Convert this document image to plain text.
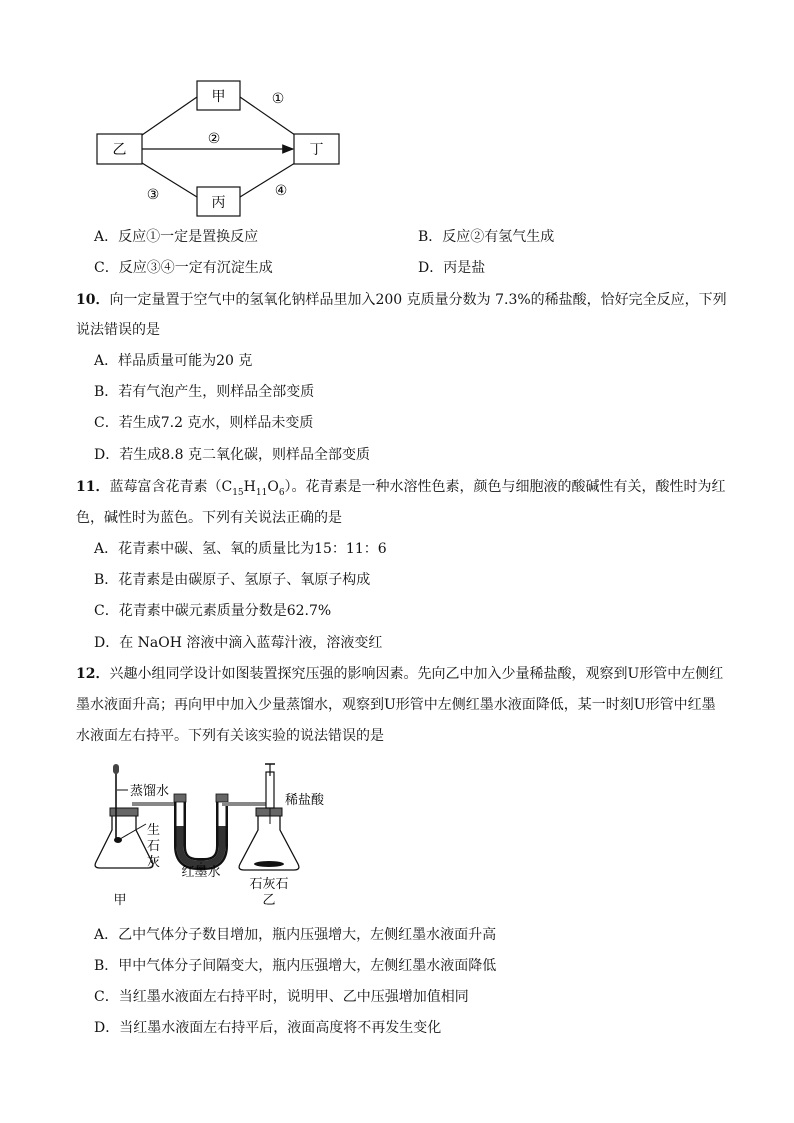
甲
乙	丁
丙
①
②
③	④
A．反应①一定是置换反应	B．反应②有氢气生成
C．反应③④一定有沉淀生成	D．丙是盐
10．向一定量置于空气中的氢氧化钠样品里加入200 克质量分数为 7.3%的稀盐酸，恰好完全反应，下列
说法错误的是
A．样品质量可能为20 克
B．若有气泡产生，则样品全部变质
C．若生成7.2 克水，则样品未变质
D．若生成8.8 克二氧化碳，则样品全部变质
11．蓝莓富含花青素$(C_{15}H_{11}O_6)$。花青素是一种水溶性色素，颜色与细胞液的酸碱性有关，酸性时为红
色，碱性时为蓝色。下列有关说法正确的是
A．花青素中碳、氢、氧的质量比为15：11：6
B．花青素是由碳原子、氢原子、氧原子构成
C．花青素中碳元素质量分数是62.7%
D．在 NaOH 溶液中滴入蓝莓汁液，溶液变红
12．兴趣小组同学设计如图装置探究压强的影响因素。先向乙中加入少量稀盐酸，观察到U形管中左侧红
墨水液面升高；再向甲中加入少量蒸馏水，观察到U形管中左侧红墨水液面降低，某一时刻U形管中红墨
水液面左右持平。下列有关该实验的说法错误的是
蒸馏水
生
石
灰
甲
红墨水
稀盐酸
石灰石
乙
A．乙中气体分子数目增加，瓶内压强增大，左侧红墨水液面升高
B．甲中气体分子间隔变大，瓶内压强增大，左侧红墨水液面降低
C．当红墨水液面左右持平时，说明甲、乙中压强增加值相同
D．当红墨水液面左右持平后，液面高度将不再发生变化
